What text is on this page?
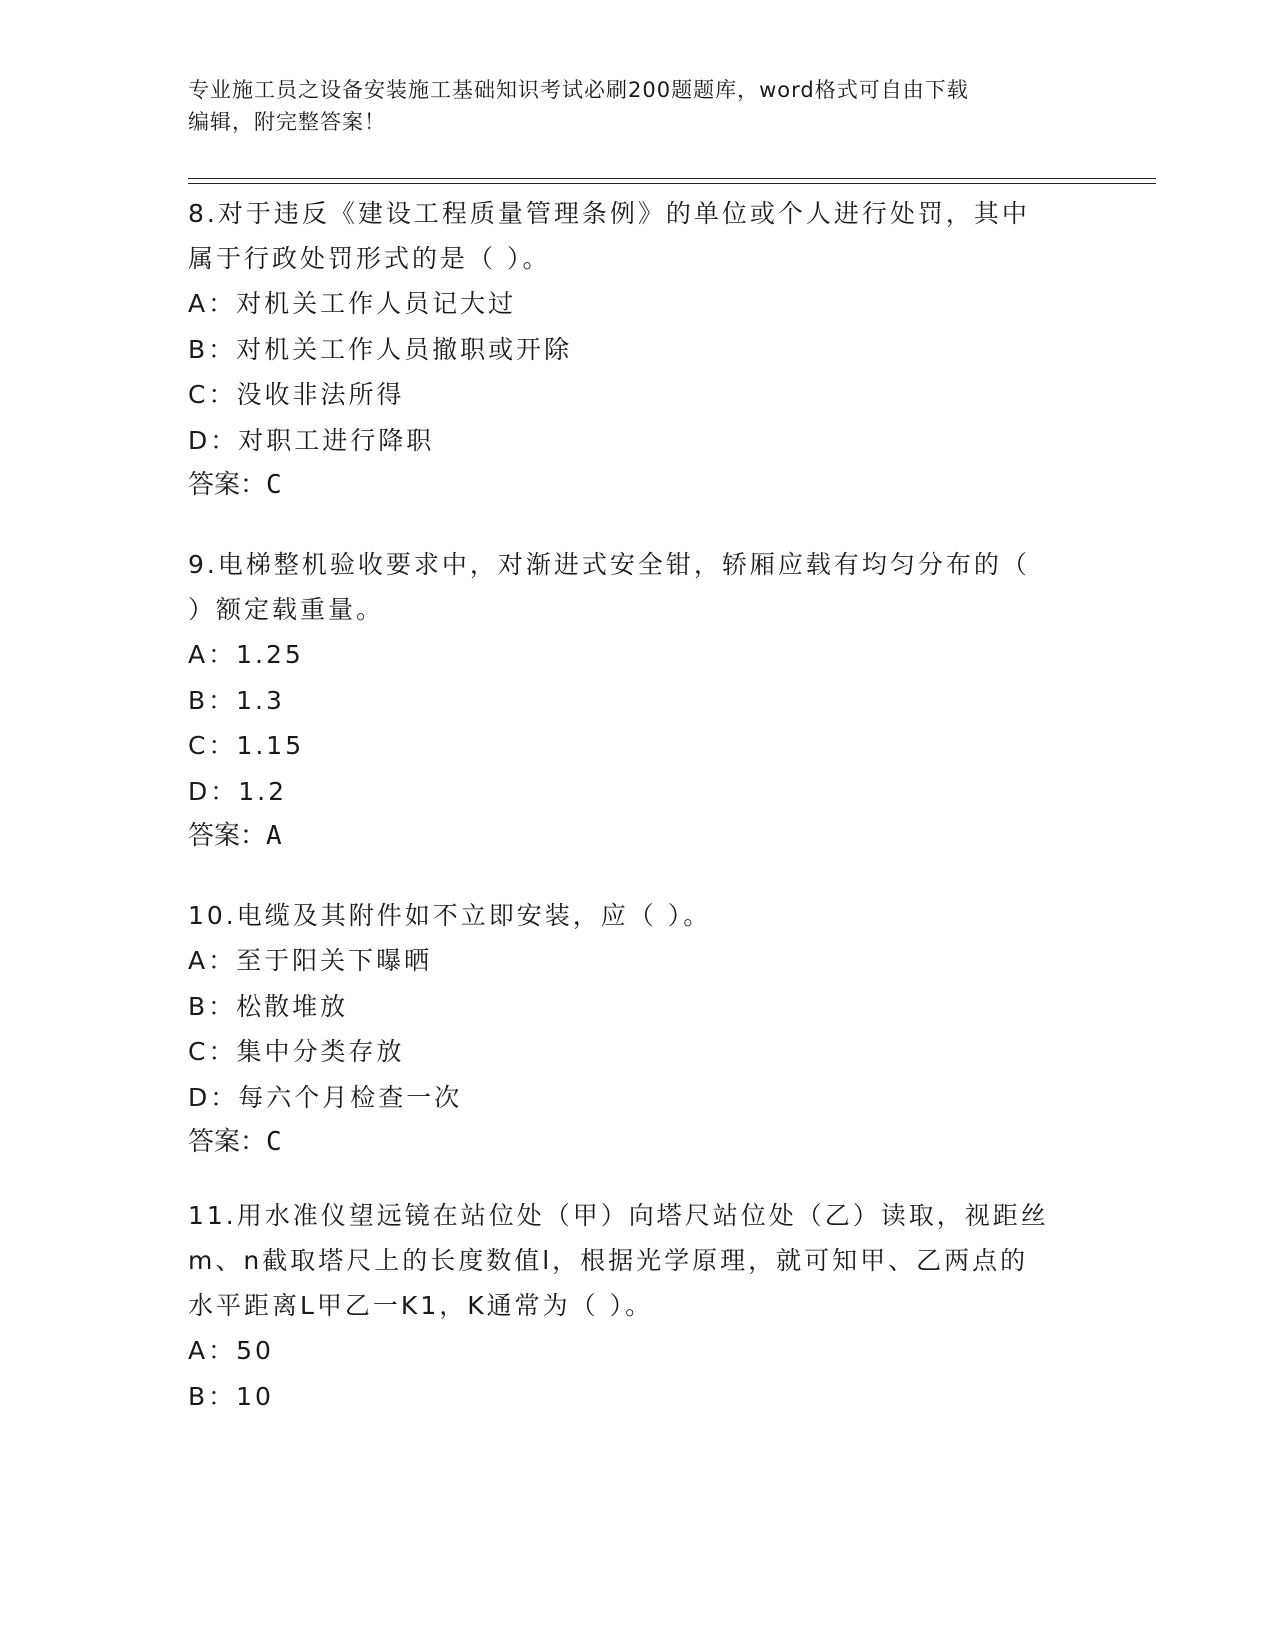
专业施工员之设备安装施工基础知识考试必刷200题题库，word格式可自由下载
编辑，附完整答案！
8.对于违反《建设工程质量管理条例》的单位或个人进行处罚，其中
属于行政处罚形式的是（ ）。
A：对机关工作人员记大过
B：对机关工作人员撤职或开除
C：没收非法所得
D：对职工进行降职
答案：C
9.电梯整机验收要求中，对渐进式安全钳，轿厢应载有均匀分布的（
）额定载重量。
A：1.25
B：1.3
C：1.15
D：1.2
答案：A
10.电缆及其附件如不立即安装，应（ ）。
A：至于阳关下曝晒
B：松散堆放
C：集中分类存放
D：每六个月检查一次
答案：C
11.用水准仪望远镜在站位处（甲）向塔尺站位处（乙）读取，视距丝
m、n截取塔尺上的长度数值l，根据光学原理，就可知甲、乙两点的
水平距离L甲乙一K1，K通常为（ ）。
A：50
B：10
